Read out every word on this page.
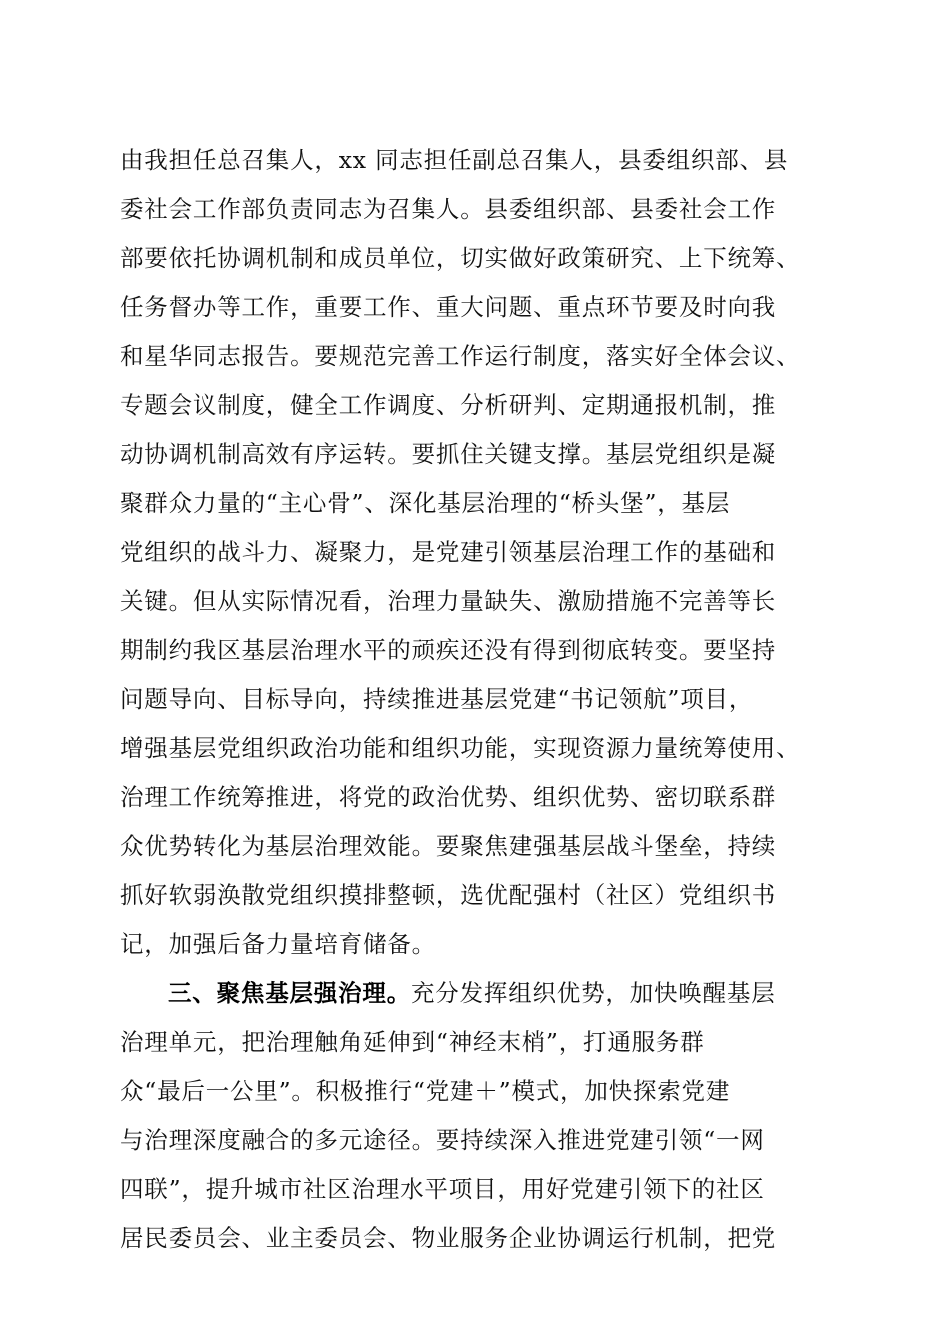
由我担任总召集人，xx 同志担任副总召集人，县委组织部、县
委社会工作部负责同志为召集人。县委组织部、县委社会工作
部要依托协调机制和成员单位，切实做好政策研究、上下统筹、
任务督办等工作，重要工作、重大问题、重点环节要及时向我
和星华同志报告。要规范完善工作运行制度，落实好全体会议、
专题会议制度，健全工作调度、分析研判、定期通报机制，推
动协调机制高效有序运转。要抓住关键支撑。基层党组织是凝
聚群众力量的“主心骨”、深化基层治理的“桥头堡”，基层
党组织的战斗力、凝聚力，是党建引领基层治理工作的基础和
关键。但从实际情况看，治理力量缺失、激励措施不完善等长
期制约我区基层治理水平的顽疾还没有得到彻底转变。要坚持
问题导向、目标导向，持续推进基层党建“书记领航”项目，
增强基层党组织政治功能和组织功能，实现资源力量统筹使用、
治理工作统筹推进，将党的政治优势、组织优势、密切联系群
众优势转化为基层治理效能。要聚焦建强基层战斗堡垒，持续
抓好软弱涣散党组织摸排整顿，选优配强村（社区）党组织书
记，加强后备力量培育储备。
三、聚焦基层强治理。充分发挥组织优势，加快唤醒基层
治理单元，把治理触角延伸到“神经末梢”，打通服务群
众“最后一公里”。积极推行“党建＋”模式，加快探索党建
与治理深度融合的多元途径。要持续深入推进党建引领“一网
四联”，提升城市社区治理水平项目，用好党建引领下的社区
居民委员会、业主委员会、物业服务企业协调运行机制，把党
